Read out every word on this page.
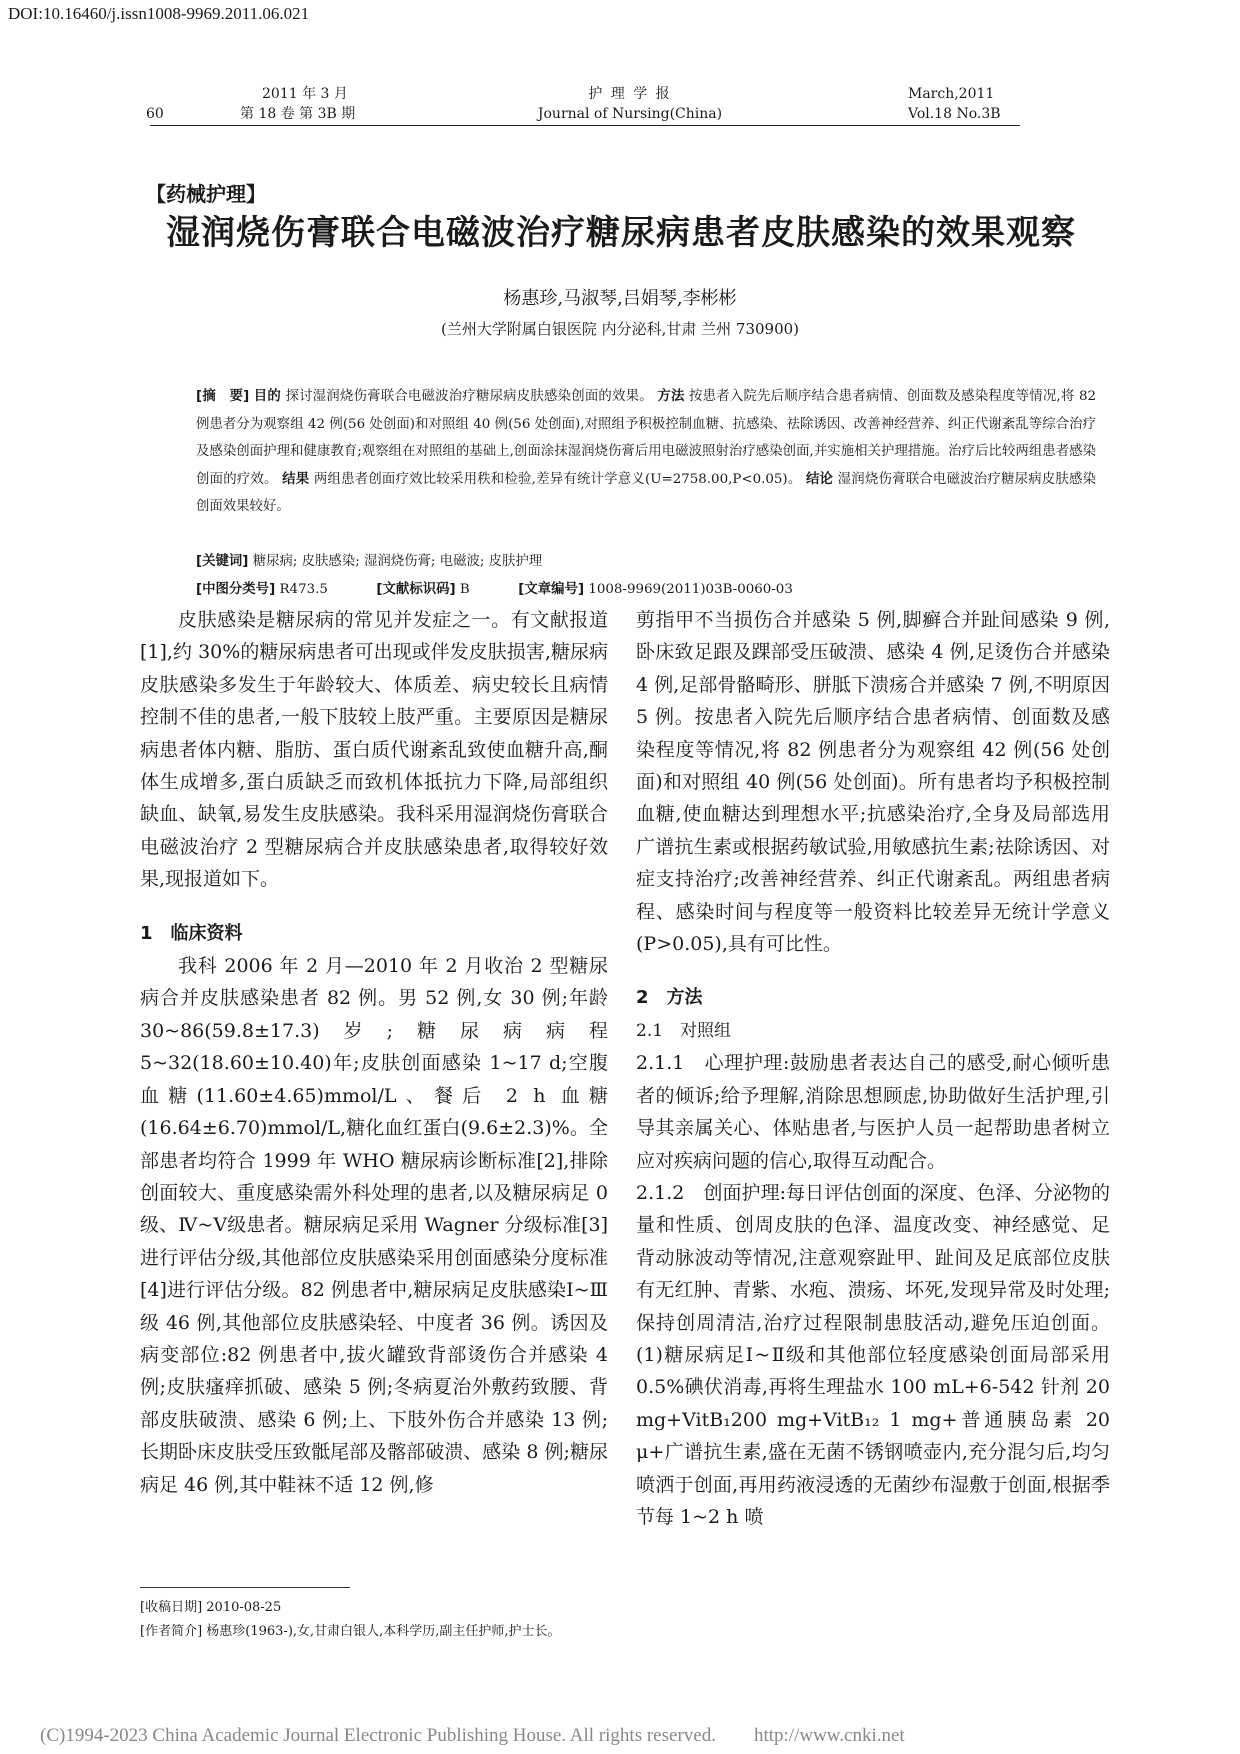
DOI:10.16460/j.issn1008-9969.2011.06.021
60
2011 年 3 月
第 18 卷 第 3B 期
护 理 学 报
Journal of Nursing(China)
March,2011
Vol.18 No.3B
【药械护理】
湿润烧伤膏联合电磁波治疗糖尿病患者皮肤感染的效果观察
杨惠珍,马淑琴,吕娟琴,李彬彬
(兰州大学附属白银医院 内分泌科,甘肃 兰州 730900)
[摘　要] 目的 探讨湿润烧伤膏联合电磁波治疗糖尿病皮肤感染创面的效果。 方法 按患者入院先后顺序结合患者病情、创面数及感染程度等情况,将 82 例患者分为观察组 42 例(56 处创面)和对照组 40 例(56 处创面),对照组予积极控制血糖、抗感染、祛除诱因、改善神经营养、纠正代谢紊乱等综合治疗及感染创面护理和健康教育;观察组在对照组的基础上,创面涂抹湿润烧伤膏后用电磁波照射治疗感染创面,并实施相关护理措施。治疗后比较两组患者感染创面的疗效。 结果 两组患者创面疗效比较采用秩和检验,差异有统计学意义(U=2758.00,P<0.05)。 结论 湿润烧伤膏联合电磁波治疗糖尿病皮肤感染创面效果较好。
[关键词] 糖尿病; 皮肤感染; 湿润烧伤膏; 电磁波; 皮肤护理
[中图分类号] R473.5	[文献标识码] B	[文章编号] 1008-9969(2011)03B-0060-03

皮肤感染是糖尿病的常见并发症之一。有文献报道[1],约 30%的糖尿病患者可出现或伴发皮肤损害,糖尿病皮肤感染多发生于年龄较大、体质差、病史较长且病情控制不佳的患者,一般下肢较上肢严重。主要原因是糖尿病患者体内糖、脂肪、蛋白质代谢紊乱致使血糖升高,酮体生成增多,蛋白质缺乏而致机体抵抗力下降,局部组织缺血、缺氧,易发生皮肤感染。我科采用湿润烧伤膏联合电磁波治疗 2 型糖尿病合并皮肤感染患者,取得较好效果,现报道如下。

1　临床资料

我科 2006 年 2 月—2010 年 2 月收治 2 型糖尿病合并皮肤感染患者 82 例。男 52 例,女 30 例;年龄 30~86(59.8±17.3)岁;糖尿病病程 5~32(18.60±10.40)年;皮肤创面感染 1~17 d;空腹血糖(11.60±4.65)mmol/L、餐后 2 h 血糖(16.64±6.70)mmol/L,糖化血红蛋白(9.6±2.3)%。全部患者均符合 1999 年 WHO 糖尿病诊断标准[2],排除创面较大、重度感染需外科处理的患者,以及糖尿病足 0 级、Ⅳ~Ⅴ级患者。糖尿病足采用 Wagner 分级标准[3]进行评估分级,其他部位皮肤感染采用创面感染分度标准[4]进行评估分级。82 例患者中,糖尿病足皮肤感染Ⅰ~Ⅲ级 46 例,其他部位皮肤感染轻、中度者 36 例。诱因及病变部位:82 例患者中,拔火罐致背部烫伤合并感染 4 例;皮肤瘙痒抓破、感染 5 例;冬病夏治外敷药致腰、背部皮肤破溃、感染 6 例;上、下肢外伤合并感染 13 例;长期卧床皮肤受压致骶尾部及髂部破溃、感染 8 例;糖尿病足 46 例,其中鞋袜不适 12 例,修

剪指甲不当损伤合并感染 5 例,脚癣合并趾间感染 9 例,卧床致足跟及踝部受压破溃、感染 4 例,足烫伤合并感染 4 例,足部骨骼畸形、胼胝下溃疡合并感染 7 例,不明原因 5 例。按患者入院先后顺序结合患者病情、创面数及感染程度等情况,将 82 例患者分为观察组 42 例(56 处创面)和对照组 40 例(56 处创面)。所有患者均予积极控制血糖,使血糖达到理想水平;抗感染治疗,全身及局部选用广谱抗生素或根据药敏试验,用敏感抗生素;祛除诱因、对症支持治疗;改善神经营养、纠正代谢紊乱。两组患者病程、感染时间与程度等一般资料比较差异无统计学意义(P>0.05),具有可比性。

2　方法
2.1　对照组

2.1.1　心理护理:鼓励患者表达自己的感受,耐心倾听患者的倾诉;给予理解,消除思想顾虑,协助做好生活护理,引导其亲属关心、体贴患者,与医护人员一起帮助患者树立应对疾病问题的信心,取得互动配合。

2.1.2　创面护理:每日评估创面的深度、色泽、分泌物的量和性质、创周皮肤的色泽、温度改变、神经感觉、足背动脉波动等情况,注意观察趾甲、趾间及足底部位皮肤有无红肿、青紫、水疱、溃疡、坏死,发现异常及时处理;保持创周清洁,治疗过程限制患肢活动,避免压迫创面。(1)糖尿病足Ⅰ~Ⅱ级和其他部位轻度感染创面局部采用 0.5%碘伏消毒,再将生理盐水 100 mL+6-542 针剂 20 mg+VitB₁200 mg+VitB₁₂ 1 mg+普通胰岛素 20 μ+广谱抗生素,盛在无菌不锈钢喷壶内,充分混匀后,均匀喷洒于创面,再用药液浸透的无菌纱布湿敷于创面,根据季节每 1~2 h 喷

[收稿日期] 2010-08-25
[作者简介] 杨惠珍(1963-),女,甘肃白银人,本科学历,副主任护师,护士长。
(C)1994-2023 China Academic Journal Electronic Publishing House. All rights reserved.　　http://www.cnki.net
